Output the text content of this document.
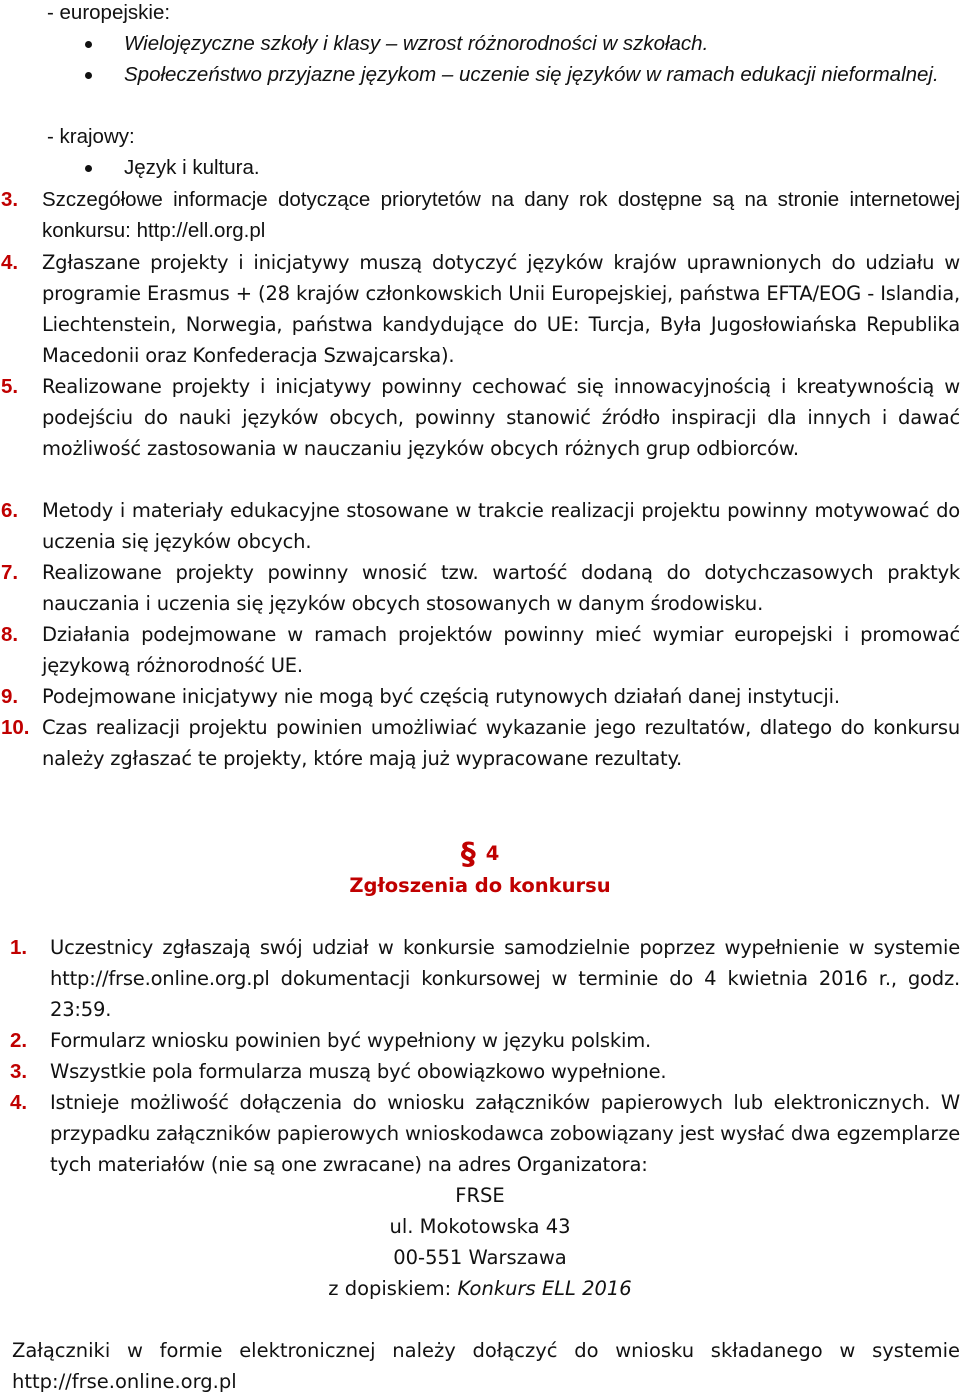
- europejskie:
Wielojęzyczne szkoły i klasy – wzrost różnorodności w szkołach.
Społeczeństwo przyjazne językom – uczenie się języków w ramach edukacji nieformalnej.
- krajowy:
Język i kultura.
3. Szczegółowe informacje dotyczące priorytetów na dany rok dostępne są na stronie internetowej konkursu: http://ell.org.pl
4. Zgłaszane projekty i inicjatywy muszą dotyczyć języków krajów uprawnionych do udziału w programie Erasmus + (28 krajów członkowskich Unii Europejskiej, państwa EFTA/EOG - Islandia, Liechtenstein, Norwegia, państwa kandydujące do UE: Turcja, Była Jugosłowiańska Republika Macedonii oraz Konfederacja Szwajcarska).
5. Realizowane projekty i inicjatywy powinny cechować się innowacyjnością i kreatywnością w podejściu do nauki języków obcych, powinny stanowić źródło inspiracji dla innych i dawać możliwość zastosowania w nauczaniu języków obcych różnych grup odbiorców.
6. Metody i materiały edukacyjne stosowane w trakcie realizacji projektu powinny motywować do uczenia się języków obcych.
7. Realizowane projekty powinny wnosić tzw. wartość dodaną do dotychczasowych praktyk nauczania i uczenia się języków obcych stosowanych w danym środowisku.
8. Działania podejmowane w ramach projektów powinny mieć wymiar europejski i promować językową różnorodność UE.
9. Podejmowane inicjatywy nie mogą być częścią rutynowych działań danej instytucji.
10. Czas realizacji projektu powinien umożliwiać wykazanie jego rezultatów, dlatego do konkursu należy zgłaszać te projekty, które mają już wypracowane rezultaty.
§ 4
Zgłoszenia do konkursu
1. Uczestnicy zgłaszają swój udział w konkursie samodzielnie poprzez wypełnienie w systemie http://frse.online.org.pl dokumentacji konkursowej w terminie do 4 kwietnia 2016 r., godz. 23:59.
2. Formularz wniosku powinien być wypełniony w języku polskim.
3. Wszystkie pola formularza muszą być obowiązkowo wypełnione.
4. Istnieje możliwość dołączenia do wniosku załączników papierowych lub elektronicznych. W przypadku załączników papierowych wnioskodawca zobowiązany jest wysłać dwa egzemplarze tych materiałów (nie są one zwracane) na adres Organizatora:
FRSE
ul. Mokotowska 43
00-551 Warszawa
z dopiskiem: Konkurs ELL 2016
Załączniki w formie elektronicznej należy dołączyć do wniosku składanego w systemie http://frse.online.org.pl
